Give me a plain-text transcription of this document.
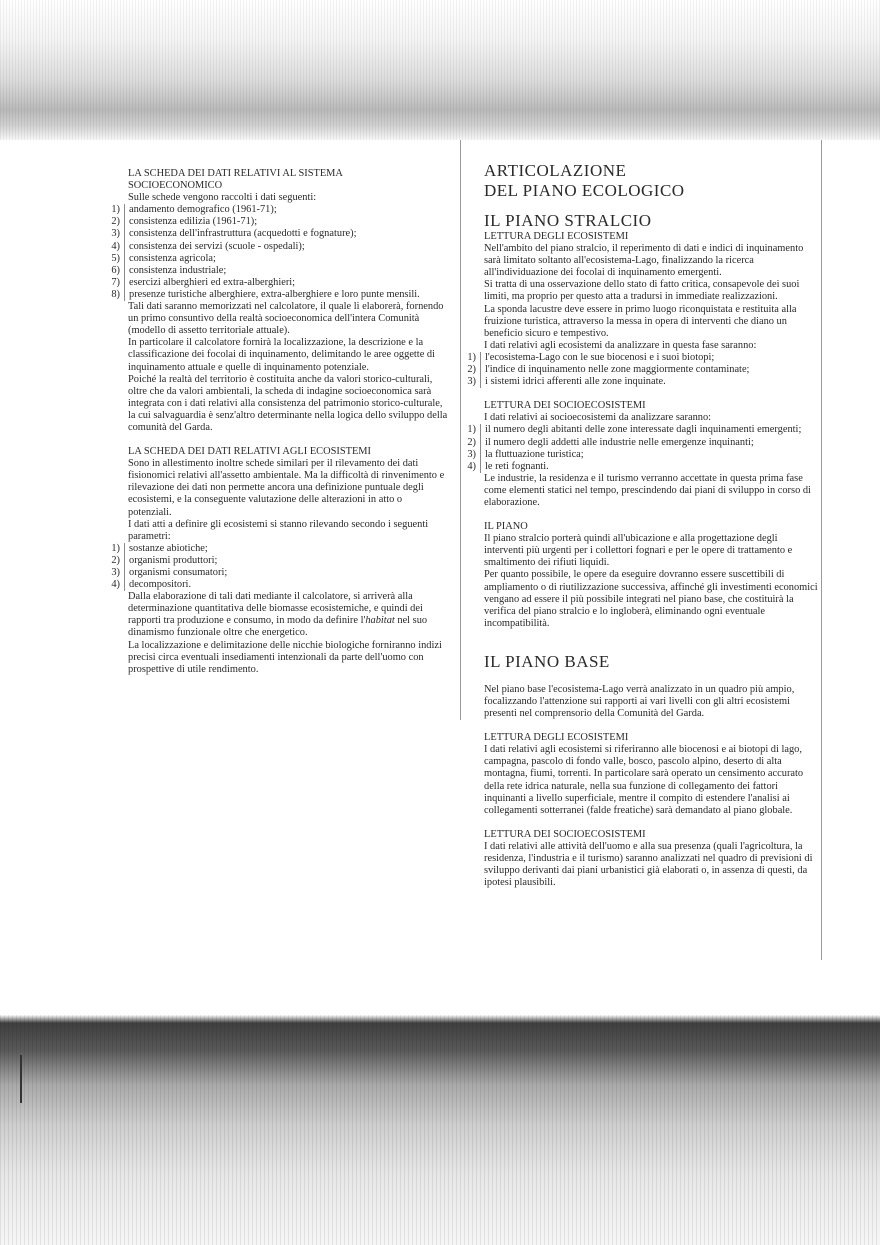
LA SCHEDA DEI DATI RELATIVI AL SISTEMA

SOCIOECONOMICO

Sulle schede vengono raccolti i dati seguenti:

1) andamento demografico (1961-71);
2) consistenza edilizia (1961-71);
3) consistenza dell'infrastruttura (acquedotti e fognature);
4) consistenza dei servizi (scuole - ospedali);
5) consistenza agricola;
6) consistenza industriale;
7) esercizi alberghieri ed extra-alberghieri;
8) presenze turistiche alberghiere, extra-alberghiere e loro punte mensili.

Tali dati saranno memorizzati nel calcolatore, il quale li elaborerà, fornendo un primo consuntivo della realtà socioeconomica dell'intera Comunità (modello di assetto territoriale attuale).

In particolare il calcolatore fornirà la localizzazione, la descrizione e la classificazione dei focolai di inquinamento, delimitando le aree oggette di inquinamento attuale e quelle di inquinamento potenziale.

Poiché la realtà del territorio è costituita anche da valori storico-culturali, oltre che da valori ambientali, la scheda di indagine socioeconomica sarà integrata con i dati relativi alla consistenza del patrimonio storico-culturale, la cui salvaguardia è senz'altro determinante nella logica dello sviluppo della comunità del Garda.

LA SCHEDA DEI DATI RELATIVI AGLI ECOSISTEMI

Sono in allestimento inoltre schede similari per il rilevamento dei dati fisionomici relativi all'assetto ambientale. Ma la difficoltà di rinvenimento e rilevazione dei dati non permette ancora una definizione puntuale degli ecosistemi, e la conseguente valutazione delle alterazioni in atto o potenziali.

I dati atti a definire gli ecosistemi si stanno rilevando secondo i seguenti parametri:

1) sostanze abiotiche;
2) organismi produttori;
3) organismi consumatori;
4) decompositori.

Dalla elaborazione di tali dati mediante il calcolatore, si arriverà alla determinazione quantitativa delle biomasse ecosistemiche, e quindi dei rapporti tra produzione e consumo, in modo da definire l'habitat nel suo dinamismo funzionale oltre che energetico.

La localizzazione e delimitazione delle nicchie biologiche forniranno indizi precisi circa eventuali insediamenti intenzionali da parte dell'uomo con prospettive di utile rendimento.

ARTICOLAZIONE

DEL PIANO ECOLOGICO

IL PIANO STRALCIO

LETTURA DEGLI ECOSISTEMI

Nell'ambito del piano stralcio, il reperimento di dati e indici di inquinamento sarà limitato soltanto all'ecosistema-Lago, finalizzando la ricerca all'individuazione dei focolai di inquinamento emergenti.

Si tratta di una osservazione dello stato di fatto critica, consapevole dei suoi limiti, ma proprio per questo atta a tradursi in immediate realizzazioni.

La sponda lacustre deve essere in primo luogo riconquistata e restituita alla fruizione turistica, attraverso la messa in opera di interventi che diano un beneficio sicuro e tempestivo.

I dati relativi agli ecosistemi da analizzare in questa fase saranno:

1) l'ecosistema-Lago con le sue biocenosi e i suoi biotopi;
2) l'indice di inquinamento nelle zone maggiormente contaminate;
3) i sistemi idrici afferenti alle zone inquinate.

LETTURA DEI SOCIOECOSISTEMI

I dati relativi ai socioecosistemi da analizzare saranno:

1) il numero degli abitanti delle zone interessate dagli inquinamenti emergenti;
2) il numero degli addetti alle industrie nelle emergenze inquinanti;
3) la fluttuazione turistica;
4) le reti fognanti.

Le industrie, la residenza e il turismo verranno accettate in questa prima fase come elementi statici nel tempo, prescindendo dai piani di sviluppo in corso di elaborazione.

IL PIANO

Il piano stralcio porterà quindi all'ubicazione e alla progettazione degli interventi più urgenti per i collettori fognari e per le opere di trattamento e smaltimento dei rifiuti liquidi.

Per quanto possibile, le opere da eseguire dovranno essere suscettibili di ampliamento o di riutilizzazione successiva, affinché gli investimenti economici vengano ad essere il più possibile integrati nel piano base, che costituirà la verifica del piano stralcio e lo ingloberà, eliminando ogni eventuale incompatibilità.

IL PIANO BASE

Nel piano base l'ecosistema-Lago verrà analizzato in un quadro più ampio, focalizzando l'attenzione sui rapporti ai vari livelli con gli altri ecosistemi presenti nel comprensorio della Comunità del Garda.

LETTURA DEGLI ECOSISTEMI

I dati relativi agli ecosistemi si riferiranno alle biocenosi e ai biotopi di lago, campagna, pascolo di fondo valle, bosco, pascolo alpino, deserto di alta montagna, fiumi, torrenti. In particolare sarà operato un censimento accurato della rete idrica naturale, nella sua funzione di collegamento dei fattori inquinanti a livello superficiale, mentre il compito di estendere l'analisi ai collegamenti sotterranei (falde freatiche) sarà demandato al piano globale.

LETTURA DEI SOCIOECOSISTEMI

I dati relativi alle attività dell'uomo e alla sua presenza (quali l'agricoltura, la residenza, l'industria e il turismo) saranno analizzati nel quadro di previsioni di sviluppo derivanti dai piani urbanistici già elaborati o, in assenza di questi, da ipotesi plausibili.
